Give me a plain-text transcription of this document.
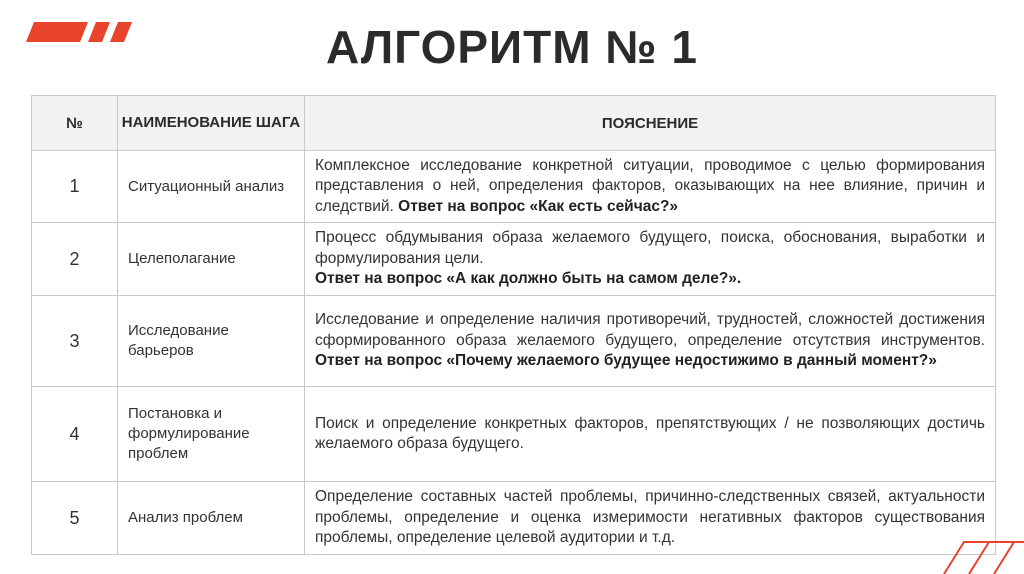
АЛГОРИТМ № 1
№	НАИМЕНОВАНИЕ ШАГА	ПОЯСНЕНИЕ
1	Ситуационный анализ	Комплексное исследование конкретной ситуации, проводимое с целью формирования представления о ней, определения факторов, оказывающих на нее влияние, причин и следствий. Ответ на вопрос «Как есть сейчас?»
2	Целеполагание	Процесс обдумывания образа желаемого будущего, поиска, обоснования, выработки и формулирования цели.
Ответ на вопрос «А как должно быть на самом деле?».
3	Исследование барьеров	Исследование и определение наличия противоречий, трудностей, сложностей достижения сформированного образа желаемого будущего, определение отсутствия инструментов. Ответ на вопрос «Почему желаемого будущее недостижимо в данный момент?»
4	Постановка и формулирование проблем	Поиск и определение конкретных факторов, препятствующих / не позволяющих достичь желаемого образа будущего.
5	Анализ проблем	Определение составных частей проблемы, причинно-следственных связей, актуальности проблемы, определение и оценка измеримости негативных факторов существования проблемы, определение целевой аудитории и т.д.
